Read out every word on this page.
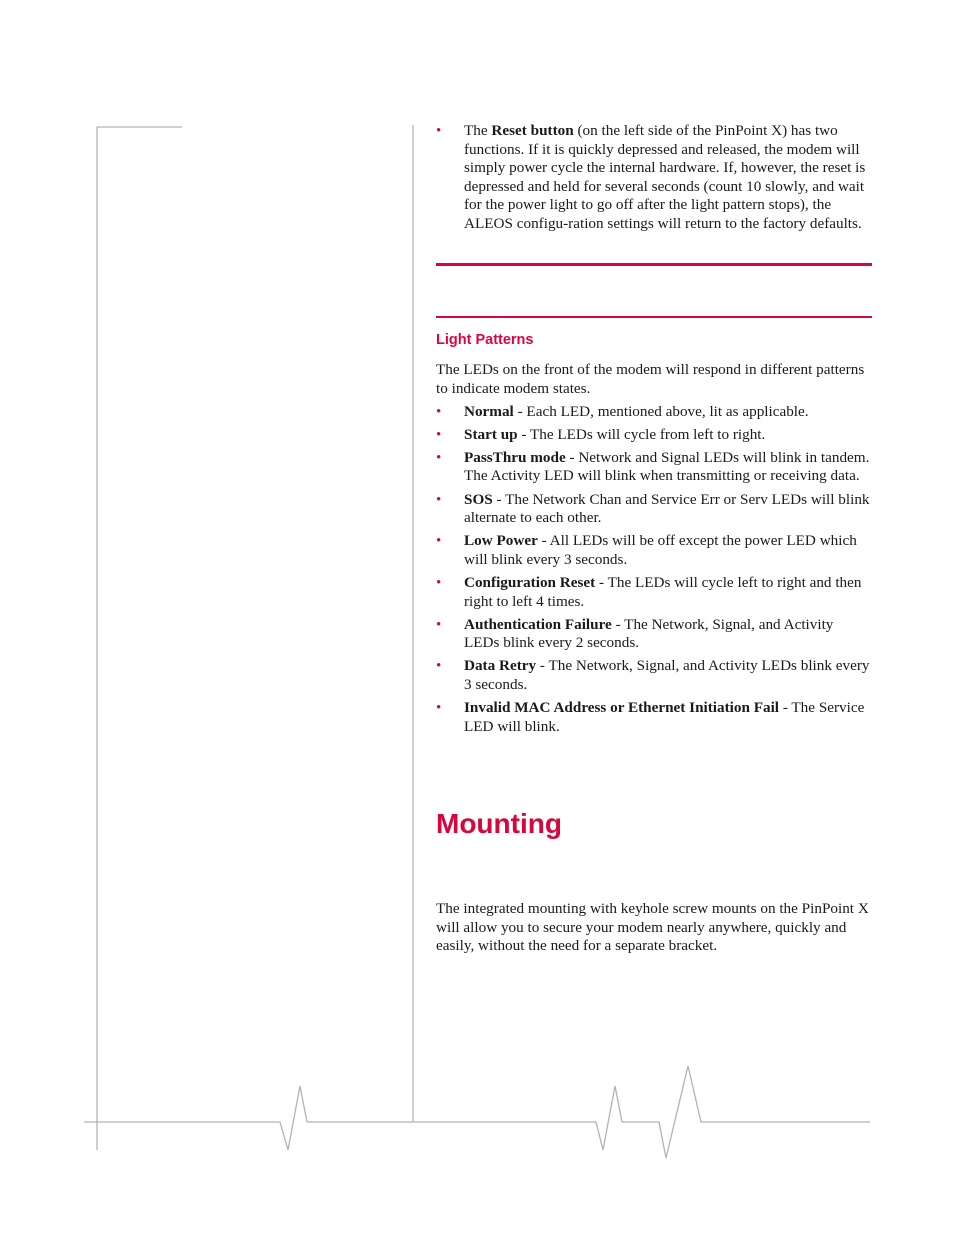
• The Reset button (on the left side of the PinPoint X) has two functions. If it is quickly depressed and released, the modem will simply power cycle the internal hardware. If, however, the reset is depressed and held for several seconds (count 10 slowly, and wait for the power light to go off after the light pattern stops), the ALEOS configu-ration settings will return to the factory defaults.
Light Patterns

The LEDs on the front of the modem will respond in different patterns to indicate modem states.

• Normal - Each LED, mentioned above, lit as applicable.
• Start up - The LEDs will cycle from left to right.
• PassThru mode - Network and Signal LEDs will blink in tandem. The Activity LED will blink when transmitting or receiving data.
• SOS - The Network Chan and Service Err or Serv LEDs will blink alternate to each other.
• Low Power - All LEDs will be off except the power LED which will blink every 3 seconds.
• Configuration Reset - The LEDs will cycle left to right and then right to left 4 times.
• Authentication Failure - The Network, Signal, and Activity LEDs blink every 2 seconds.
• Data Retry - The Network, Signal, and Activity LEDs blink every 3 seconds.
• Invalid MAC Address or Ethernet Initiation Fail - The Service LED will blink.
Mounting

The integrated mounting with keyhole screw mounts on the PinPoint X will allow you to secure your modem nearly anywhere, quickly and easily, without the need for a separate bracket.
